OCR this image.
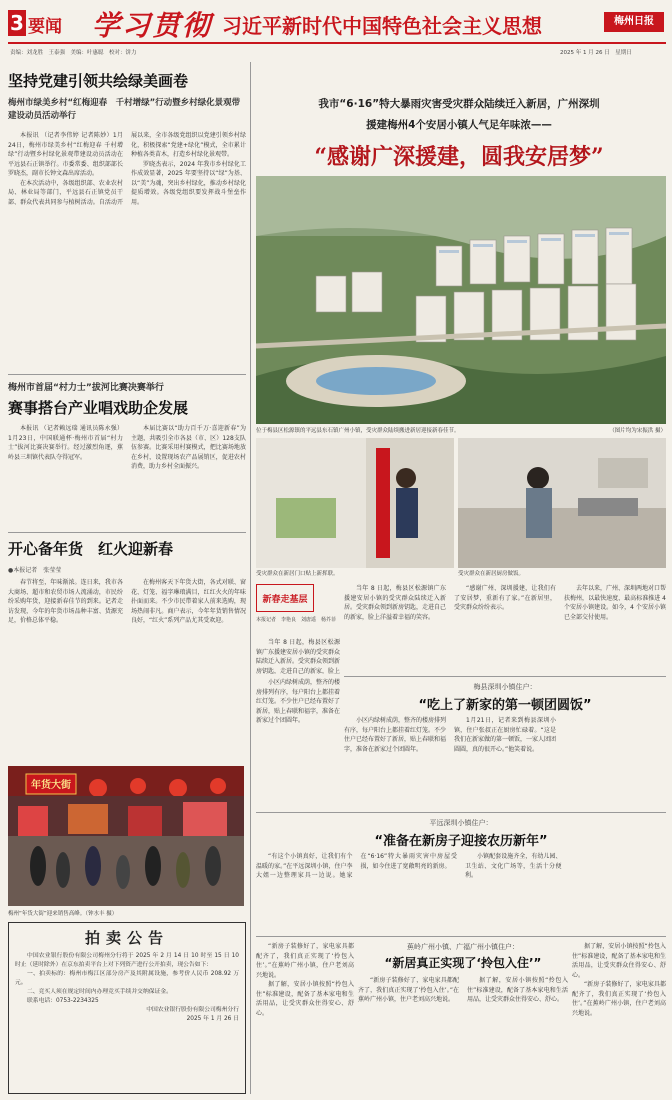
3 要闻 学习贯彻 习近平新时代中国特色社会主义思想	梅州日报
责编：刘龙胜　王泰强　美编：叶惠聪　校对：饼力	2025 年 1 月 26 日　星期日
坚持党建引领共绘绿美画卷
梅州市绿美乡村“红梅迎春　千村增绿”行动暨乡村绿化景观带建设动员活动举行

本报讯 （记者李伟婷 记者陈妙）1月24日，梅州市绿美乡村“红梅迎春 千村增绿”行动暨乡村绿化景观带建设动员活动在平远县石正镇举行。市委常委、组织部部长罗晓杰，副市长钟文森出席活动。

在本次活动中，各级组织部、农业农村局、林业局等部门，平远县石正镇党员干部、群众代表共同参与植树活动。自活动开展以来，全市各级党组织以党建引领乡村绿化，积极探索“党建+绿化”模式，全市累计种植各类苗木，打造乡村绿化景观带。

罗晓杰表示，2024 年我市乡村绿化工作成效显著，2025 年要坚持以“绿”为基、以“美”为魂，突出乡村绿化，推动乡村绿化提质增效。各级党组织要发挥战斗堡垒作用。

梅州市首届“村力士”拔河比赛决赛举行
赛事搭台产业唱戏助企发展

本报讯 （记者赖远瑞 通讯员陈永强）1月23日，中国联通杯·梅州市首届“村力士”拔河比赛决赛举行。经过激烈角逐，蕉岭县三圳镇代表队夺得冠军。

本届比赛以“助力百千万·喜迎新春”为主题，共吸引全市各县（市、区）128支队伍参赛。比赛采用村赛模式，把比赛场地放在乡村，设置现场农产品展销区，促进农村消费，助力乡村全面振兴。

开心备年货　红火迎新春
●本报记者　张莹莹

春节将至，年味渐浓。连日来，我市各大商场、超市和农贸市场人流涌动，市民纷纷采购年货，迎接新春佳节的到来。记者走访发现，今年的年货市场品种丰富、货源充足，价格总体平稳。

在梅州客天下年货大街，各式对联、窗花、灯笼、福字琳琅满目，红红火火的年味扑面而来。不少市民带着家人前来选购，现场热闹非凡。商户表示，今年年货销售情况良好，“红火”系列产品尤其受欢迎。

年货大街
梅州“年货大街”迎来销售高峰。（钟水丰 摄）
拍卖公告

中国农业银行股份有限公司梅州分行将于 2025 年 2 月 14 日 10 时至 15 日 10 时止（延时除外）在京东拍卖平台上对下列资产进行公开拍卖，现公告如下：

一、拍卖标的：梅州市梅江区部分房产及其附属设施，参考价人民币 208.92 万元。

二、竞买人须在规定时间内办理竞买手续并交纳保证金。

联系电话：0753-2234325

中国农业银行股份有限公司梅州分行

2025 年 1 月 26 日

我市“6·16”特大暴雨灾害受灾群众陆续迁入新居，广州深圳
援建梅州4个安居小镇人气足年味浓——
“感谢广深援建，圆我安居梦”
位于梅县区松源镇的平远县东石镇广州小镇，受灾群众陆续搬进新居迎接新春佳节。	（图片均为宋振洪 摄）
受灾群众在新居门口贴上新挥联。	受灾群众在新居厨房做饭。
新春走基层
本报记者　李艳良　刘唐遥　杨芥菲

当年 8 日起，梅县区松源镇广东援建安居小镇的受灾群众陆续迁入新居。受灾群众领到新房钥匙，走进自己的新家，脸上洋溢着幸福的笑容。

“感谢广州、深圳援建，让我们有了安居梦，重新有了家。”在新居里，受灾群众纷纷表示。

去年以来，广州、深圳两地对口帮扶梅州，以最快速度、最高标准推进 4 个安居小镇建设。如今，4 个安居小镇已全部交付使用。

当年 8 日起，梅县区松源镇广东援建安居小镇的受灾群众陆续迁入新居。受灾群众领到新房钥匙，走进自己的新家，脸上

梅县深圳小镇住户：
“吃上了新家的第一顿团圆饭”

小区内绿树成荫，整齐的楼房排列有序，每户阳台上都挂着红灯笼。不少住户已经布置好了新居，贴上春联和福字，准备在新家过个团圆年。	小区内绿树成荫，整齐的楼房排列有序，每户阳台上都挂着红灯笼。不少住户已经布置好了新居，贴上春联和福字，准备在新家过个团圆年。

1月21日，记者来到梅县深圳小镇，住户张叔正在厨房忙碌着。“这是我们在新家做的第一顿饭，一家人团团圆圆，真的很开心。”他笑着说。

平远深圳小镇住户：
“准备在新房子迎接农历新年”

“有这个小镇真好，让我们有个温暖的家。”在平远深圳小镇，住户李大姐一边整理家具一边说。她家在“6·16”特大暴雨灾害中房屋受损，如今住进了宽敞明亮的新房。

小镇配套设施齐全，有幼儿园、卫生站、文化广场等，生活十分便利。

“新房子装修好了，家电家具都配齐了，我们真正实现了‘拎包入住’。”在蕉岭广州小镇，住户老刘高兴地说。

据了解，安居小镇按照“拎包入住”标准建设，配备了基本家电和生活用品，让受灾群众住得安心、舒心。

蕉岭广州小镇、广福广州小镇住户：
“新居真正实现了‘拎包入住’”

“新房子装修好了，家电家具都配齐了，我们真正实现了‘拎包入住’。”在蕉岭广州小镇，住户老刘高兴地说。

据了解，安居小镇按照“拎包入住”标准建设，配备了基本家电和生活用品，让受灾群众住得安心、舒心。

据了解，安居小镇按照“拎包入住”标准建设，配备了基本家电和生活用品，让受灾群众住得安心、舒心。

“新房子装修好了，家电家具都配齐了，我们真正实现了‘拎包入住’。”在蕉岭广州小镇，住户老刘高兴地说。
